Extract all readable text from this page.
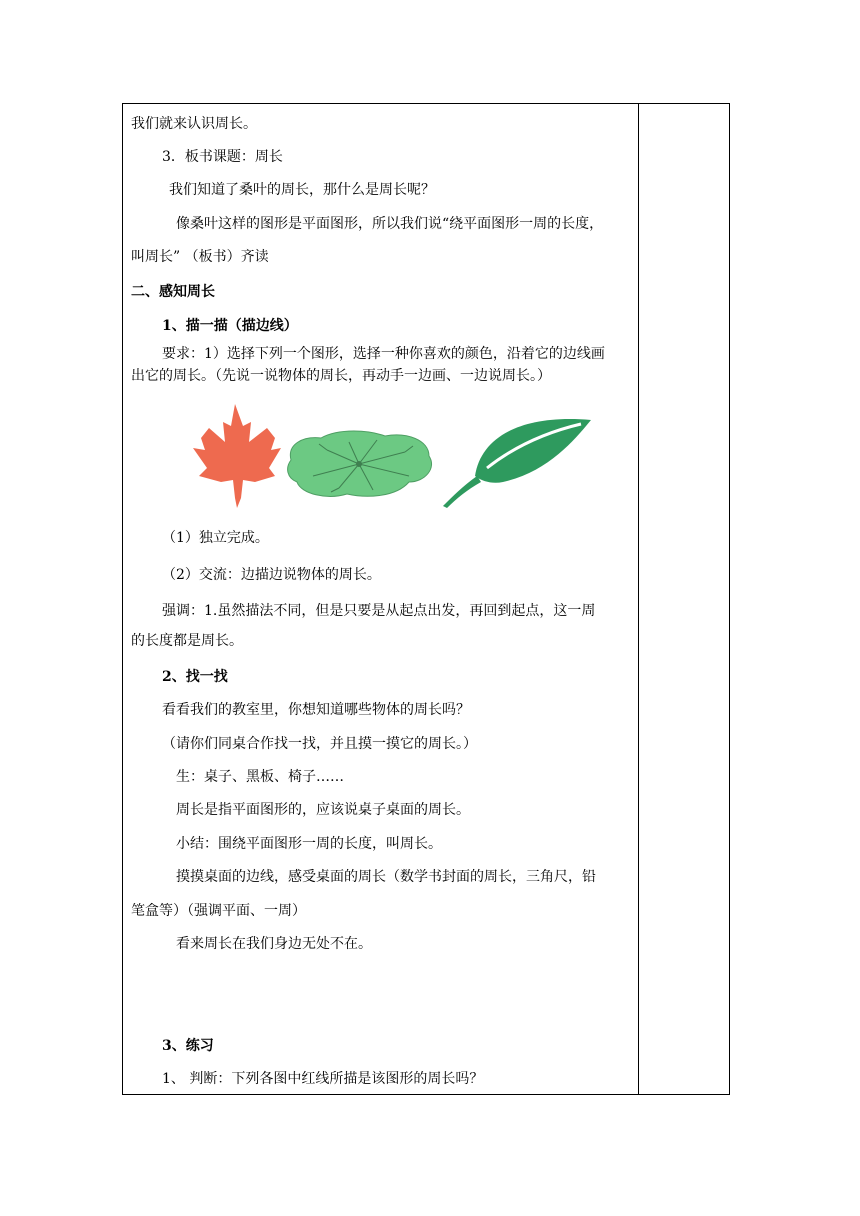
我们就来认识周长。
3．板书课题：周长
我们知道了桑叶的周长，那什么是周长呢？
像桑叶这样的图形是平面图形，所以我们说“绕平面图形一周的长度，
叫周长” （板书）齐读
二、感知周长
1、描一描（描边线）
要求：1）选择下列一个图形，选择一种你喜欢的颜色，沿着它的边线画
出它的周长。（先说一说物体的周长，再动手一边画、一边说周长。）
（1）独立完成。
（2）交流：边描边说物体的周长。
强调：1.虽然描法不同，但是只要是从起点出发，再回到起点，这一周
的长度都是周长。
2、找一找
看看我们的教室里，你想知道哪些物体的周长吗？
（请你们同桌合作找一找，并且摸一摸它的周长。）
生：桌子、黑板、椅子……
周长是指平面图形的，应该说桌子桌面的周长。
小结：围绕平面图形一周的长度，叫周长。
摸摸桌面的边线，感受桌面的周长（数学书封面的周长，三角尺，铅
笔盒等）（强调平面、一周）
看来周长在我们身边无处不在。
3、练习
1、 判断：下列各图中红线所描是该图形的周长吗？
